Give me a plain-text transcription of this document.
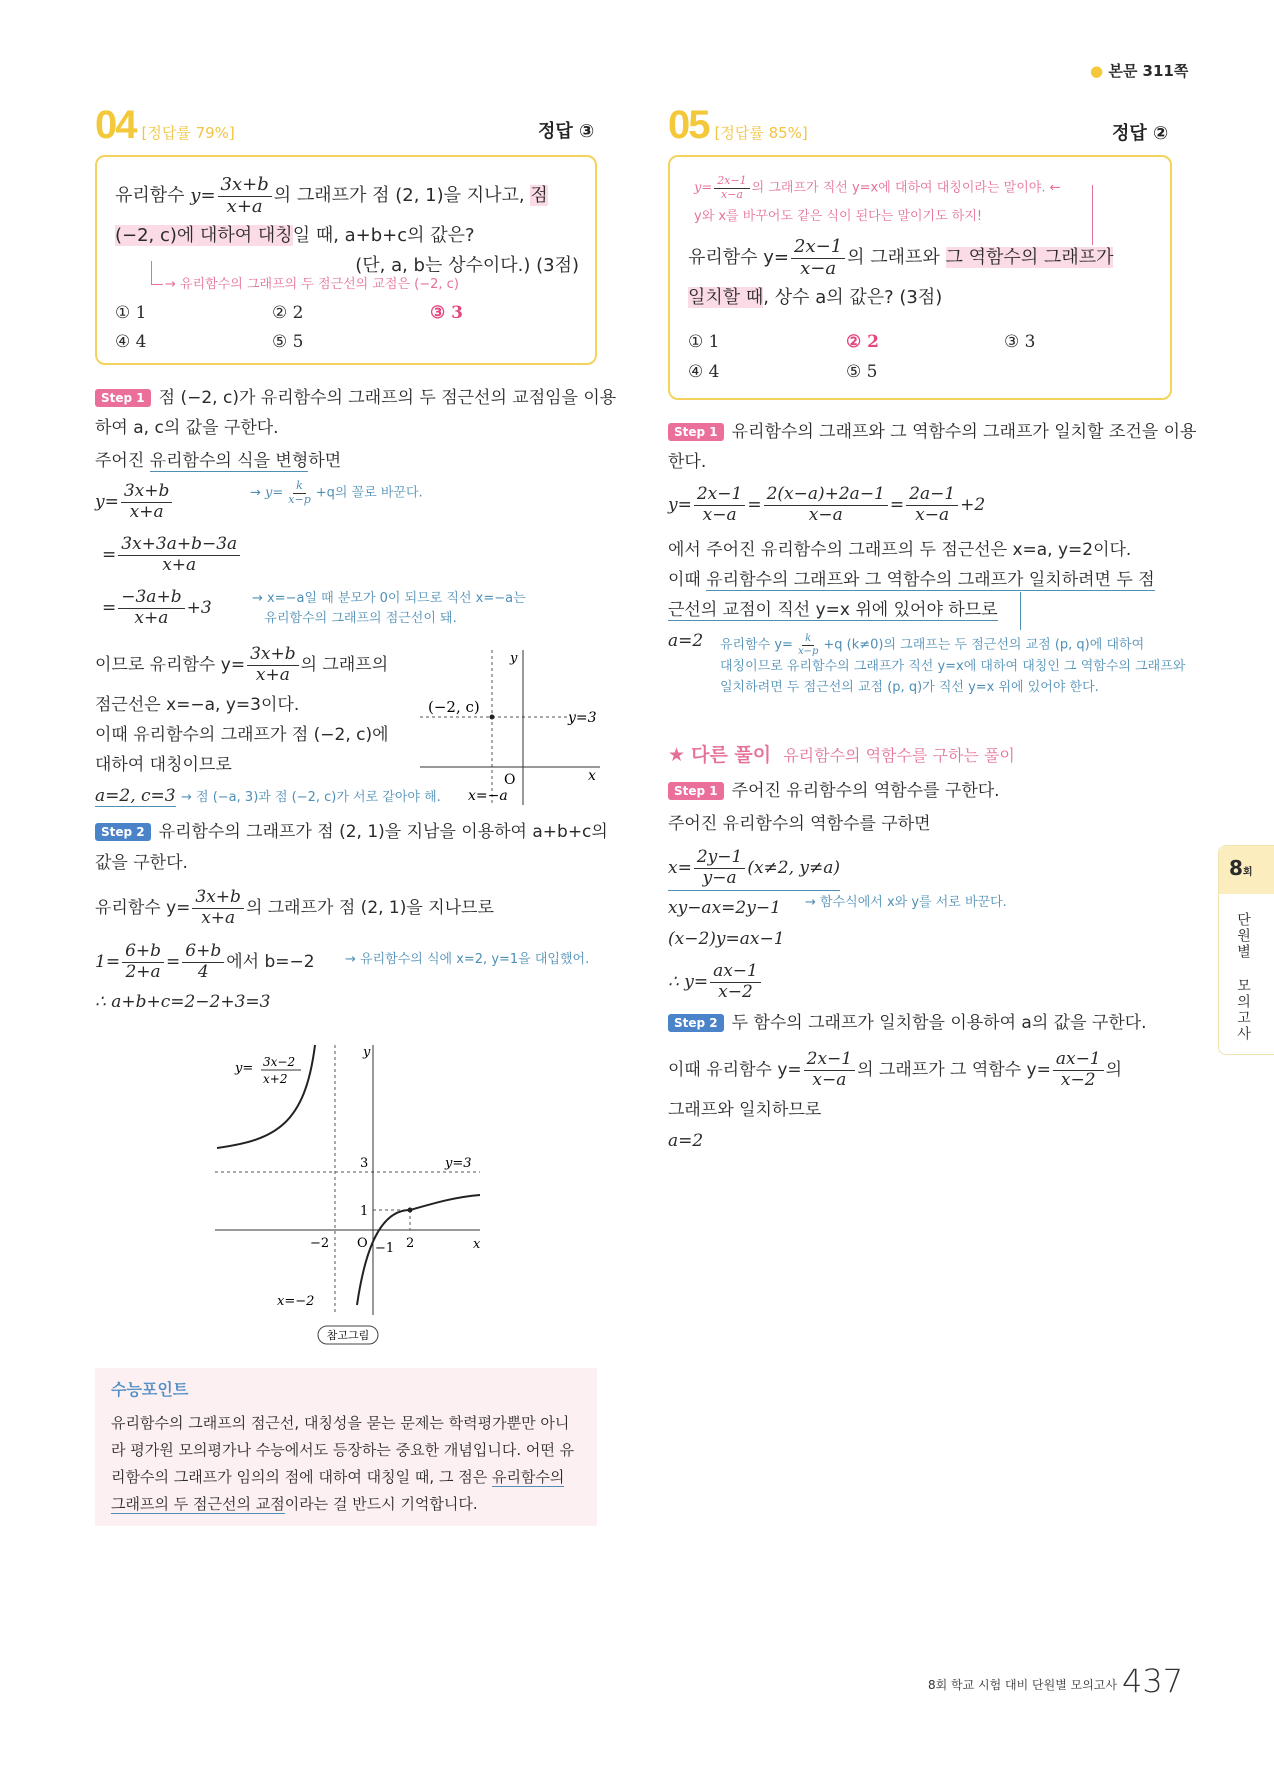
● 본문 311쪽
04 [정답률 79%]	정답 ③
유리함수 $y= \frac{3x+b}{x+a}$ 의 그래프가 점 (2, 1)을 지나고, 점
(−2, c)에 대하여 대칭일 때, a+b+c의 값은?
(단, a, b는 상수이다.) (3점)
→ 유리함수의 그래프의 두 점근선의 교점은 (−2, c)
① 1	② 2	③ 3
④ 4	⑤ 5
Step 1 점 (−2, c)가 유리함수의 그래프의 두 점근선의 교점임을 이용
하여 a, c의 값을 구한다.
주어진 유리함수의 식을 변형하면
→ $y= \frac{k}{x-p} +q$의 꼴로 바꾼다.
$y= \frac{3x+b}{x+a}$
= $\frac{3x+3a+b-3a}{x+a}$
= $\frac{-3a+b}{x+a} +3$	→ x=−a일 때 분모가 0이 되므로 직선 x=−a는
유리함수의 그래프의 점근선이 돼.
이므로 유리함수 $y= \frac{3x+b}{x+a}$ 의 그래프의
점근선은 x=−a, y=3이다.
이때 유리함수의 그래프가 점 (−2, c)에
대하여 대칭이므로
a=2, c=3 → 점 (−a, 3)과 점 (−2, c)가 서로 같아야 해.
(−2, c)
y=3
O	x
y
x=−a
Step 2 유리함수의 그래프가 점 (2, 1)을 지남을 이용하여 a+b+c의
값을 구한다.
유리함수 $y= \frac{3x+b}{x+a}$ 의 그래프가 점 (2, 1)을 지나므로
$1= \frac{6+b}{2+a} = \frac{6+b}{4}$ 에서 b=−2 → 유리함수의 식에 x=2, y=1을 대입했어.
∴ a+b+c=2−2+3=3
y= 3x−2
x+2
3	y=3
1
−2 O −1 2	x
y
x=−2
참고그림
수능포인트
유리함수의 그래프의 점근선, 대칭성을 묻는 문제는 학력평가뿐만 아니
라 평가원 모의평가나 수능에서도 등장하는 중요한 개념입니다. 어떤 유
리함수의 그래프가 임의의 점에 대하여 대칭일 때, 그 점은 유리함수의
그래프의 두 점근선의 교점이라는 걸 반드시 기억합니다.
05 [정답률 85%]	정답 ②
$y= \frac{2x-1}{x-a}$ 의 그래프가 직선 y=x에 대하여 대칭이라는 말이야. ←
y와 x를 바꾸어도 같은 식이 된다는 말이기도 하지!
유리함수 $y= \frac{2x-1}{x-a}$ 의 그래프와 그 역함수의 그래프가
일치할 때, 상수 a의 값은? (3점)
① 1	② 2	③ 3
④ 4	⑤ 5
Step 1 유리함수의 그래프와 그 역함수의 그래프가 일치할 조건을 이용
한다.
$y= \frac{2x-1}{x-a} = \frac{2(x-a)+2a-1}{x-a} = \frac{2a-1}{x-a} +2$
에서 주어진 유리함수의 그래프의 두 점근선은 x=a, y=2이다.
이때 유리함수의 그래프와 그 역함수의 그래프가 일치하려면 두 점
근선의 교점이 직선 y=x 위에 있어야 하므로
a=2 유리함수 $y= \frac{k}{x-p} +q$ (k≠0)의 그래프는 두 점근선의 교점 (p, q)에 대하여
대칭이므로 유리함수의 그래프가 직선 y=x에 대하여 대칭인 그 역함수의 그래프와
일치하려면 두 점근선의 교점 (p, q)가 직선 y=x 위에 있어야 한다.
★ 다른 풀이 유리함수의 역함수를 구하는 풀이
Step 1 주어진 유리함수의 역함수를 구한다.
주어진 유리함수의 역함수를 구하면
$x= \frac{2y-1}{y-a} (x\ne 2$, y≠a)
xy−ax=2y−1 → 함수식에서 x와 y를 서로 바꾼다.
(x−2)y=ax−1
∴ $y= \frac{ax-1}{x-2}$
Step 2 두 함수의 그래프가 일치함을 이용하여 a의 값을 구한다.
이때 유리함수 $y= \frac{2x-1}{x-a}$ 의 그래프가 그 역함수 $y= \frac{ax-1}{x-2}$ 의
그래프와 일치하므로
a=2
8회
단원별 모의고사
8회 학교 시험 대비 단원별 모의고사 437
